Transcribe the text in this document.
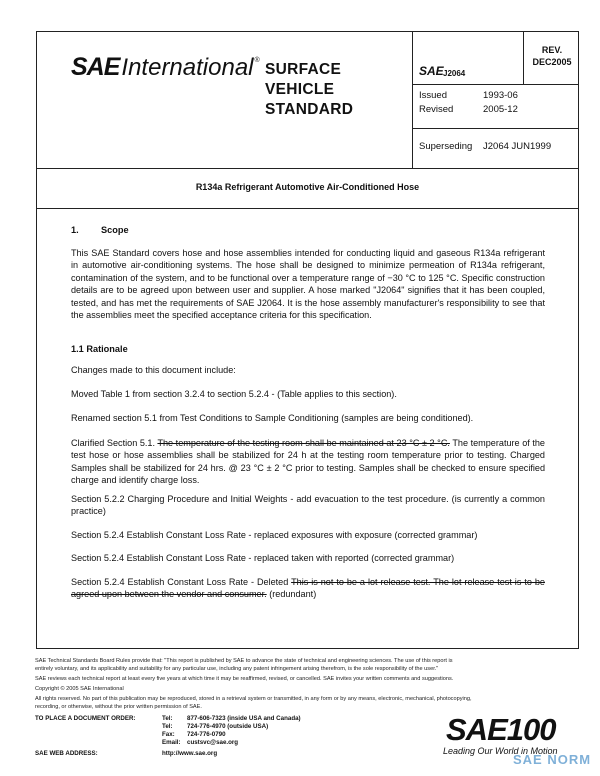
SAE International ®
SURFACE
VEHICLE
STANDARD
SAE J2064
REV.
DEC2005
Issued	1993-06
Revised	2005-12
Superseding J2064 JUN1999
R134a Refrigerant Automotive Air-Conditioned Hose
1. Scope
This SAE Standard covers hose and hose assemblies intended for conducting liquid and gaseous R134a refrigerant in automotive air-conditioning systems. The hose shall be designed to minimize permeation of R134a refrigerant, contamination of the system, and to be functional over a temperature range of −30 °C to 125 °C. Specific construction details are to be agreed upon between user and supplier. A hose marked "J2064" signifies that it has been coupled, tested, and has met the requirements of SAE J2064. It is the hose assembly manufacturer's responsibility to see that the assemblies meet the specified acceptance criteria for this specification.
1.1 Rationale
Changes made to this document include:
Moved Table 1 from section 3.2.4 to section 5.2.4 - (Table applies to this section).
Renamed section 5.1 from Test Conditions to Sample Conditioning (samples are being conditioned).
Clarified Section 5.1. The temperature of the testing room shall be maintained at 23 °C ± 2 °C. The temperature of the test hose or hose assemblies shall be stabilized for 24 h at the testing room temperature prior to testing. Charged Samples shall be stabilized for 24 hrs. @ 23 °C ± 2 °C prior to testing. Samples shall be checked to ensure specified charge and identify charge loss.
Section 5.2.2 Charging Procedure and Initial Weights - add evacuation to the test procedure. (is currently a common practice)
Section 5.2.4 Establish Constant Loss Rate - replaced exposures with exposure (corrected grammar)
Section 5.2.4 Establish Constant Loss Rate - replaced taken with reported (corrected grammar)
Section 5.2.4 Establish Constant Loss Rate - Deleted This is not to be a lot release test. The lot release test is to be agreed upon between the vendor and consumer. (redundant)
SAE Technical Standards Board Rules provide that: "This report is published by SAE to advance the state of technical and engineering sciences. The use of this report is
entirely voluntary, and its applicability and suitability for any particular use, including any patent infringement arising therefrom, is the sole responsibility of the user."
SAE reviews each technical report at least every five years at which time it may be reaffirmed, revised, or cancelled. SAE invites your written comments and suggestions.
Copyright © 2005 SAE International
All rights reserved. No part of this publication may be reproduced, stored in a retrieval system or transmitted, in any form or by any means, electronic, mechanical, photocopying,
recording, or otherwise, without the prior written permission of SAE.
TO PLACE A DOCUMENT ORDER:	Tel: 877-606-7323 (inside USA and Canada)
Tel: 724-776-4970 (outside USA)
Fax: 724-776-0790
Email: custsvc@sae.org
SAE WEB ADDRESS:	http://www.sae.org
SAE100
Leading Our World in Motion
SAE NORM
